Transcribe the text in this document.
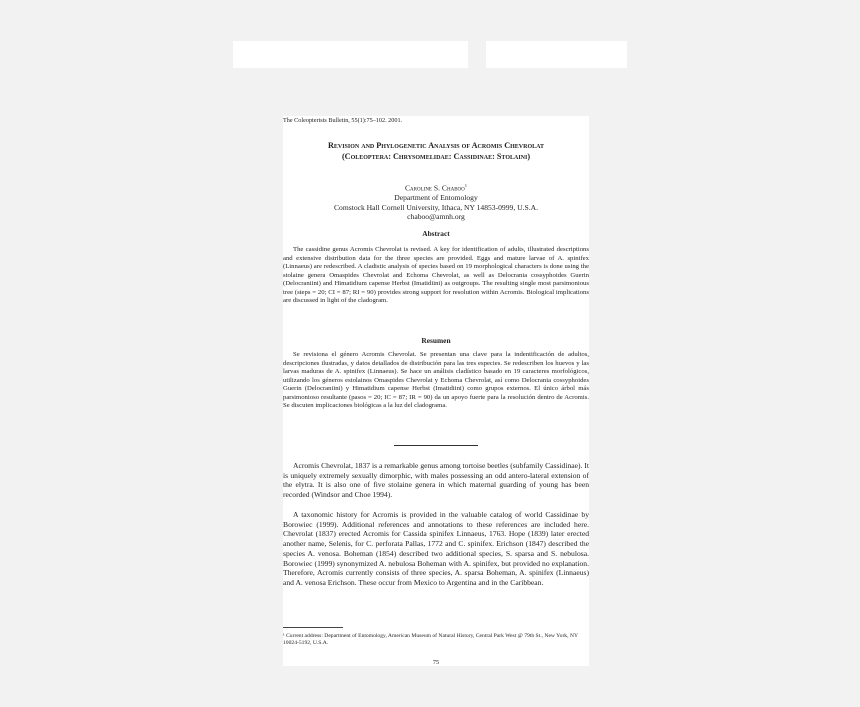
The Coleopterists Bulletin, 55(1):75–102. 2001.

Revision and Phylogenetic Analysis of Acromis Chevrolat
(Coleoptera: Chrysomelidae: Cassidinae: Stolaini)
Caroline S. Chaboo$^1$
Department of Entomology
Comstock Hall Cornell University, Ithaca, NY 14853-0999, U.S.A.
chaboo@amnh.org

Abstract

The cassidine genus Acromis Chevrolat is revised. A key for identification of adults, illustrated descriptions and extensive distribution data for the three species are provided. Eggs and mature larvae of A. spinifex (Linnaeus) are redescribed. A cladistic analysis of species based on 19 morphological characters is done using the stolaine genera Omaspides Chevrolat and Echoma Chevrolat, as well as Delocrania cossyphoides Guerin (Delocraniini) and Himatidium capense Herbst (Imatidiini) as outgroups. The resulting single most parsimonious tree (steps = 20; CI = 87; RI = 90) provides strong support for resolution within Acromis. Biological implications are discussed in light of the cladogram.

Resumen

Se revisiona el género Acromis Chevrolat. Se presentan una clave para la indentificación de adultos, descripciones ilustradas, y datos detallados de distribución para las tres especies. Se redescriben los huevos y las larvas maduras de A. spinifex (Linnaeus). Se hace un análisis cladístico basado en 19 caracteres morfológicos, utilizando los géneros estolainos Omaspides Chevrolat y Echoma Chevrolat, así como Delocrania cossyphoides Guerin (Delocraniini) y Himatidium capense Herbst (Imatidiini) como grupos externos. El único árbol más parsimonioso resultante (pasos = 20; IC = 87; IR = 90) da un apoyo fuerte para la resolución dentro de Acromis. Se discuten implicaciones biológicas a la luz del cladograma.

Acromis Chevrolat, 1837 is a remarkable genus among tortoise beetles (subfamily Cassidinae). It is uniquely extremely sexually dimorphic, with males possessing an odd antero-lateral extension of the elytra. It is also one of five stolaine genera in which maternal guarding of young has been recorded (Windsor and Choe 1994).

A taxonomic history for Acromis is provided in the valuable catalog of world Cassidinae by Borowiec (1999). Additional references and annotations to these references are included here. Chevrolat (1837) erected Acromis for Cassida spinifex Linnaeus, 1763. Hope (1839) later erected another name, Selenis, for C. perforata Pallas, 1772 and C. spinifex. Erichson (1847) described the species A. venosa. Boheman (1854) described two additional species, S. sparsa and S. nebulosa. Borowiec (1999) synonymized A. nebulosa Boheman with A. spinifex, but provided no explanation. Therefore, Acromis currently consists of three species, A. sparsa Boheman, A. spinifex (Linnaeus) and A. venosa Erichson. These occur from Mexico to Argentina and in the Caribbean.

¹ Current address: Department of Entomology, American Museum of Natural History, Central Park West @ 79th St., New York, NY 10024-5192, U.S.A.

75
